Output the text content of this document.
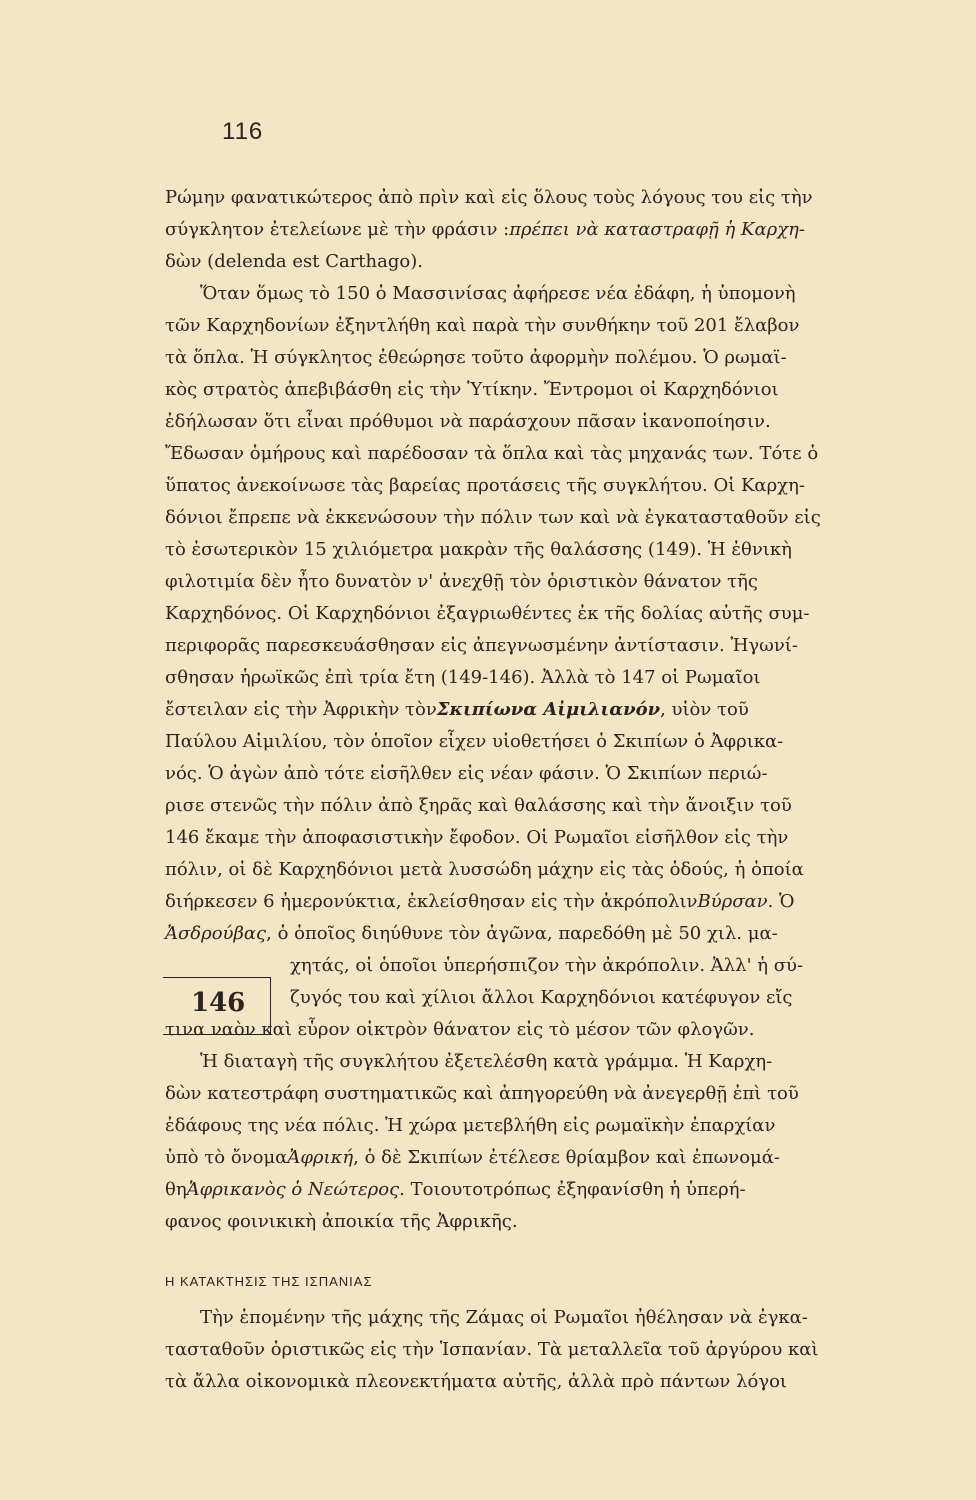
116
Ρώμην φανατικώτερος ἀπὸ πρὶν καὶ εἰς ὅλους τοὺς λόγους του εἰς τὴν
σύγκλητον ἐτελείωνε μὲ τὴν φράσιν : πρέπει νὰ καταστραφῇ ἡ Καρχη-
δὼν (delenda est Carthago).
Ὅταν ὅμως τὸ 150 ὁ Μασσινίσας ἀφήρεσε νέα ἐδάφη, ἡ ὑπομονὴ
τῶν Καρχηδονίων ἐξηντλήθη καὶ παρὰ τὴν συνθήκην τοῦ 201 ἔλαβον
τὰ ὅπλα. Ἡ σύγκλητος ἐθεώρησε τοῦτο ἀφορμὴν πολέμου. Ὁ ρωμαϊ-
κὸς στρατὸς ἀπεβιβάσθη εἰς τὴν Ὑτίκην. Ἔντρομοι οἱ Καρχηδόνιοι
ἐδήλωσαν ὅτι εἶναι πρόθυμοι νὰ παράσχουν πᾶσαν ἱκανοποίησιν.
Ἔδωσαν ὁμήρους καὶ παρέδοσαν τὰ ὅπλα καὶ τὰς μηχανάς των. Τότε ὁ
ὕπατος ἀνεκοίνωσε τὰς βαρείας προτάσεις τῆς συγκλήτου. Οἱ Καρχη-
δόνιοι ἔπρεπε νὰ ἐκκενώσουν τὴν πόλιν των καὶ νὰ ἐγκατασταθοῦν εἰς
τὸ ἐσωτερικὸν 15 χιλιόμετρα μακρὰν τῆς θαλάσσης (149). Ἡ ἐθνικὴ
φιλοτιμία δὲν ἦτο δυνατὸν ν' ἀνεχθῇ τὸν ὁριστικὸν θάνατον τῆς
Καρχηδόνος. Οἱ Καρχηδόνιοι ἐξαγριωθέντες ἐκ τῆς δολίας αὐτῆς συμ-
περιφορᾶς παρεσκευάσθησαν εἰς ἀπεγνωσμένην ἀντίστασιν. Ἠγωνί-
σθησαν ἡρωϊκῶς ἐπὶ τρία ἔτη (149-146). Ἀλλὰ τὸ 147 οἱ Ρωμαῖοι
ἔστειλαν εἰς τὴν Ἀφρικὴν τὸν Σκιπίωνα Αἰμιλιανόν , υἱὸν τοῦ
Παύλου Αἰμιλίου, τὸν ὁποῖον εἶχεν υἱοθετήσει ὁ Σκιπίων ὁ Ἀφρικα-
νός. Ὁ ἀγὼν ἀπὸ τότε εἰσῆλθεν εἰς νέαν φάσιν. Ὁ Σκιπίων περιώ-
ρισε στενῶς τὴν πόλιν ἀπὸ ξηρᾶς καὶ θαλάσσης καὶ τὴν ἄνοιξιν τοῦ
146 ἔκαμε τὴν ἀποφασιστικὴν ἔφοδον. Οἱ Ρωμαῖοι εἰσῆλθον εἰς τὴν
πόλιν, οἱ δὲ Καρχηδόνιοι μετὰ λυσσώδη μάχην εἰς τὰς ὁδούς, ἡ ὁποία
διήρκεσεν 6 ἡμερονύκτια, ἐκλείσθησαν εἰς τὴν ἀκρόπολιν Βύρσαν . Ὁ
Ἀσδρούβας , ὁ ὁποῖος διηύθυνε τὸν ἀγῶνα, παρεδόθη μὲ 50 χιλ. μα-
146
χητάς, οἱ ὁποῖοι ὑπερήσπιζον τὴν ἀκρόπολιν. Ἀλλ' ἡ σύ-
ζυγός του καὶ χίλιοι ἄλλοι Καρχηδόνιοι κατέφυγον εἴς
τινα ναὸν καὶ εὗρον οἰκτρὸν θάνατον εἰς τὸ μέσον τῶν φλογῶν.
Ἡ διαταγὴ τῆς συγκλήτου ἐξετελέσθη κατὰ γράμμα. Ἡ Καρχη-
δὼν κατεστράφη συστηματικῶς καὶ ἀπηγορεύθη νὰ ἀνεγερθῇ ἐπὶ τοῦ
ἐδάφους της νέα πόλις. Ἡ χώρα μετεβλήθη εἰς ρωμαϊκὴν ἐπαρχίαν
ὑπὸ τὸ ὄνομα Ἀφρική , ὁ δὲ Σκιπίων ἐτέλεσε θρίαμβον καὶ ἐπωνομά-
θη Ἀφρικανὸς ὁ Νεώτερος . Τοιουτοτρόπως ἐξηφανίσθη ἡ ὑπερή-
φανος φοινικικὴ ἀποικία τῆς Ἀφρικῆς.
Η ΚΑΤΑΚΤΗΣΙΣ ΤΗΣ ΙΣΠΑΝΙΑΣ
Τὴν ἑπομένην τῆς μάχης τῆς Ζάμας οἱ Ρωμαῖοι ἠθέλησαν νὰ ἐγκα-
τασταθοῦν ὁριστικῶς εἰς τὴν Ἱσπανίαν. Τὰ μεταλλεῖα τοῦ ἀργύρου καὶ
τὰ ἄλλα οἰκονομικὰ πλεονεκτήματα αὐτῆς, ἀλλὰ πρὸ πάντων λόγοι
